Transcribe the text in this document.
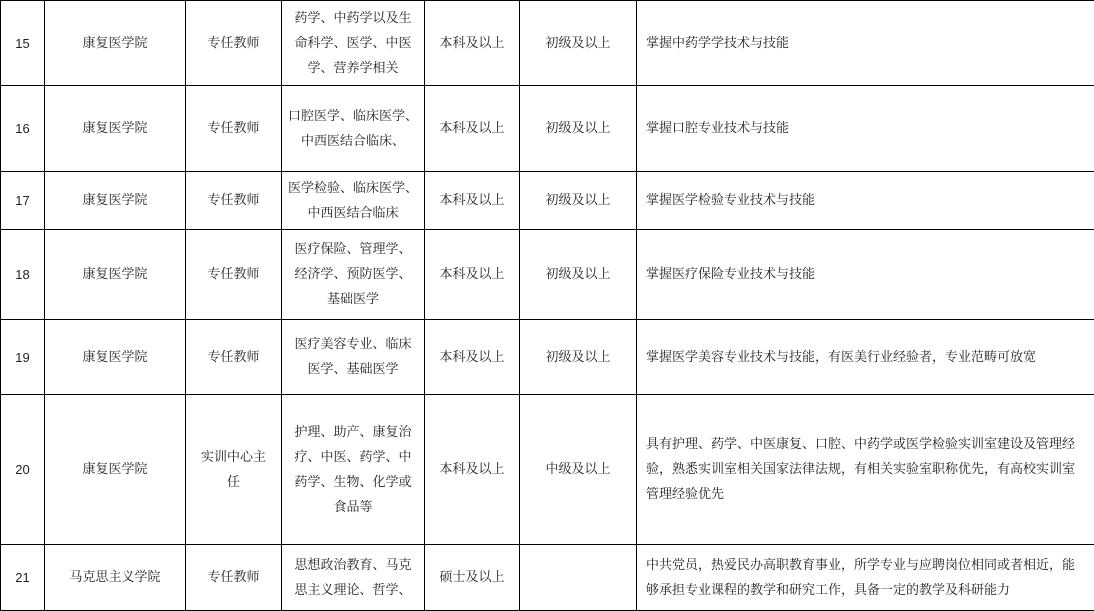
15	康复医学院	专任教师	药学、中药学以及生
命科学、医学、中医
学、营养学相关	本科及以上	初级及以上	掌握中药学学技术与技能

16	康复医学院	专任教师	口腔医学、临床医学、
中西医结合临床、	本科及以上	初级及以上	掌握口腔专业技术与技能

17	康复医学院	专任教师	医学检验、临床医学、
中西医结合临床	本科及以上	初级及以上	掌握医学检验专业技术与技能

18	康复医学院	专任教师	医疗保险、管理学、
经济学、预防医学、
基础医学	本科及以上	初级及以上	掌握医疗保险专业技术与技能

19	康复医学院	专任教师	医疗美容专业、临床
医学、基础医学	本科及以上	初级及以上	掌握医学美容专业技术与技能，有医美行业经验者，专业范畴可放宽

20	康复医学院	实训中心主
任	护理、助产、康复治
疗、中医、药学、中
药学、生物、化学或
食品等	本科及以上	中级及以上	具有护理、药学、中医康复、口腔、中药学或医学检验实训室建设及管理经
验，熟悉实训室相关国家法律法规，有相关实验室职称优先，有高校实训室
管理经验优先

21	马克思主义学院	专任教师	思想政治教育、马克
思主义理论、哲学、	硕士及以上		中共党员，热爱民办高职教育事业，所学专业与应聘岗位相同或者相近，能
够承担专业课程的教学和研究工作，具备一定的教学及科研能力
